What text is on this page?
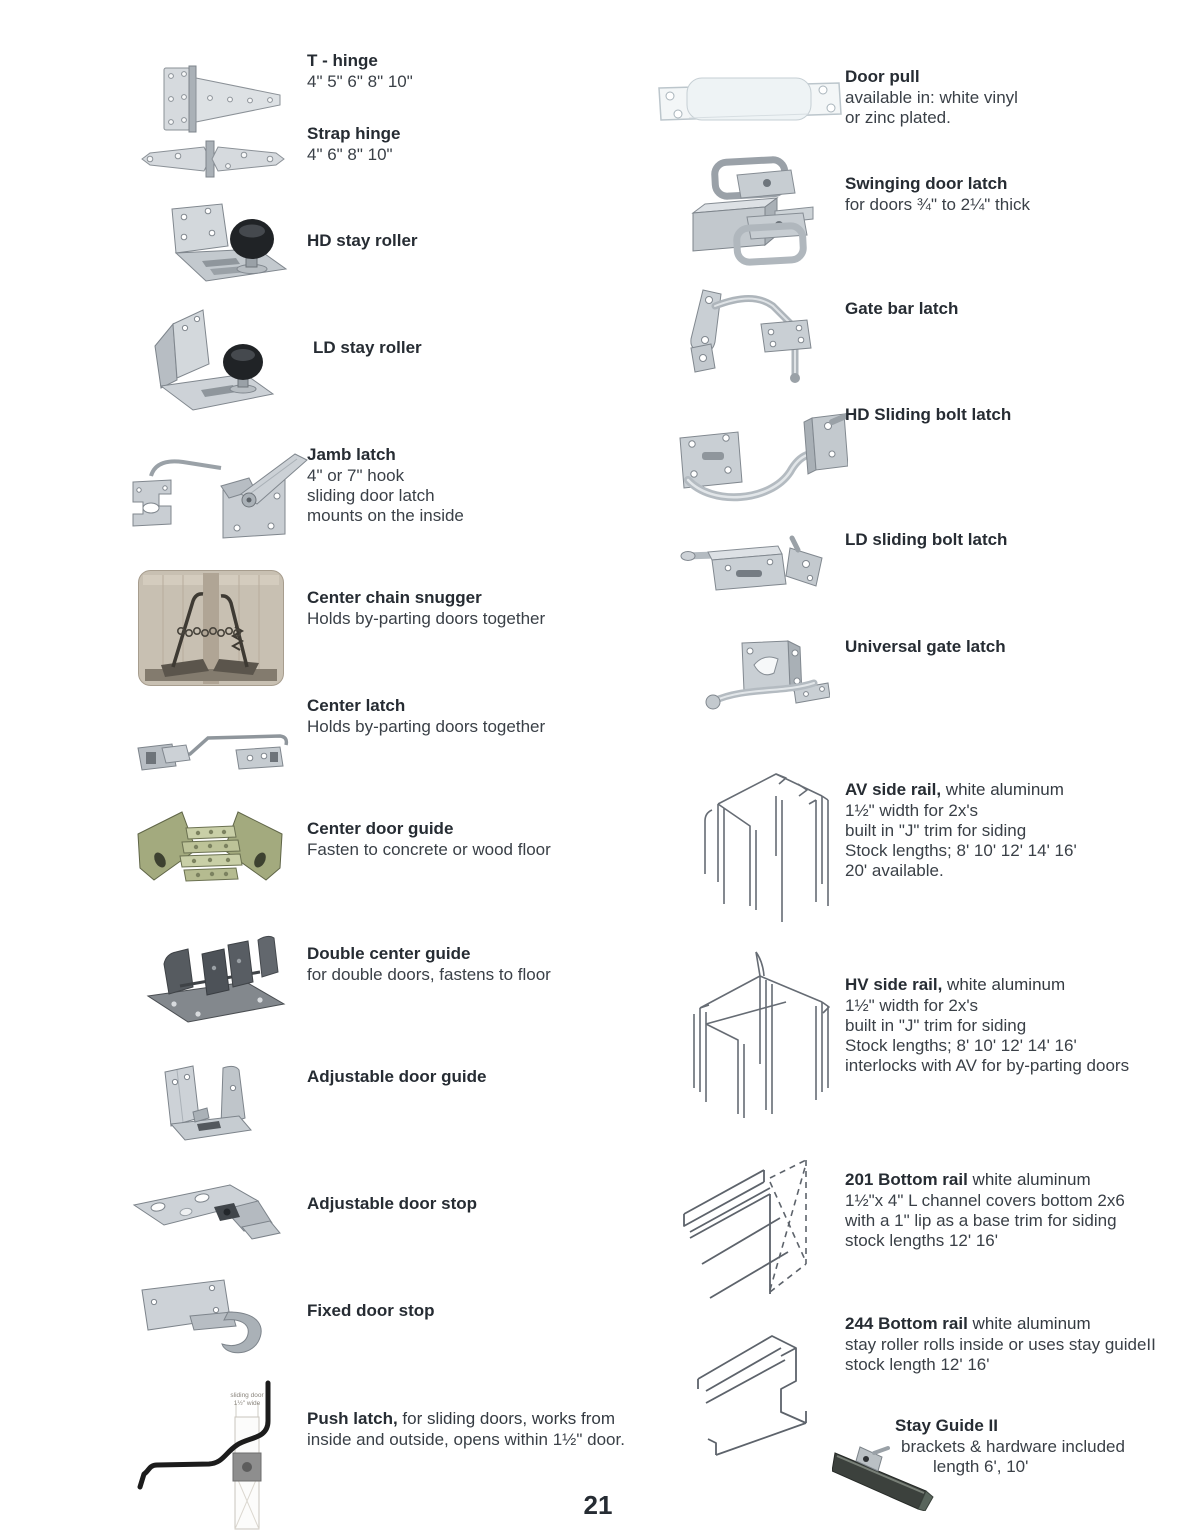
sliding door
1½" wide
T - hinge
4" 5" 6" 8" 10"
Strap hinge
4" 6" 8" 10"
HD stay roller
LD stay roller
Jamb latch
4" or 7" hook
sliding door latch
mounts on the inside
Center chain snugger
Holds by-parting doors together
Center latch
Holds by-parting doors together
Center door guide
Fasten to concrete or wood floor
Double center guide
for double doors, fastens to floor
Adjustable door guide
Adjustable door stop
Fixed door stop
Push latch, for sliding doors, works from
inside and outside, opens within 1½" door.
Door pull
available in: white vinyl
or zinc plated.
Swinging door latch
for doors ¾" to 2¼" thick
Gate bar latch
HD Sliding bolt latch
LD sliding bolt latch
Universal gate latch
AV side rail, white aluminum
1½" width for 2x's
built in "J" trim for siding
Stock lengths; 8' 10' 12' 14' 16'
20' available.
HV side rail, white aluminum
1½" width for 2x's
built in "J" trim for siding
Stock lengths; 8' 10' 12' 14' 16'
interlocks with AV for by-parting doors
201 Bottom rail white aluminum
1½"x 4" L channel covers bottom 2x6
with a 1" lip as a base trim for siding
stock lengths 12' 16'
244 Bottom rail white aluminum
stay roller rolls inside or uses stay guideII
stock length 12' 16'
Stay Guide II
brackets & hardware included
length 6', 10'
21
